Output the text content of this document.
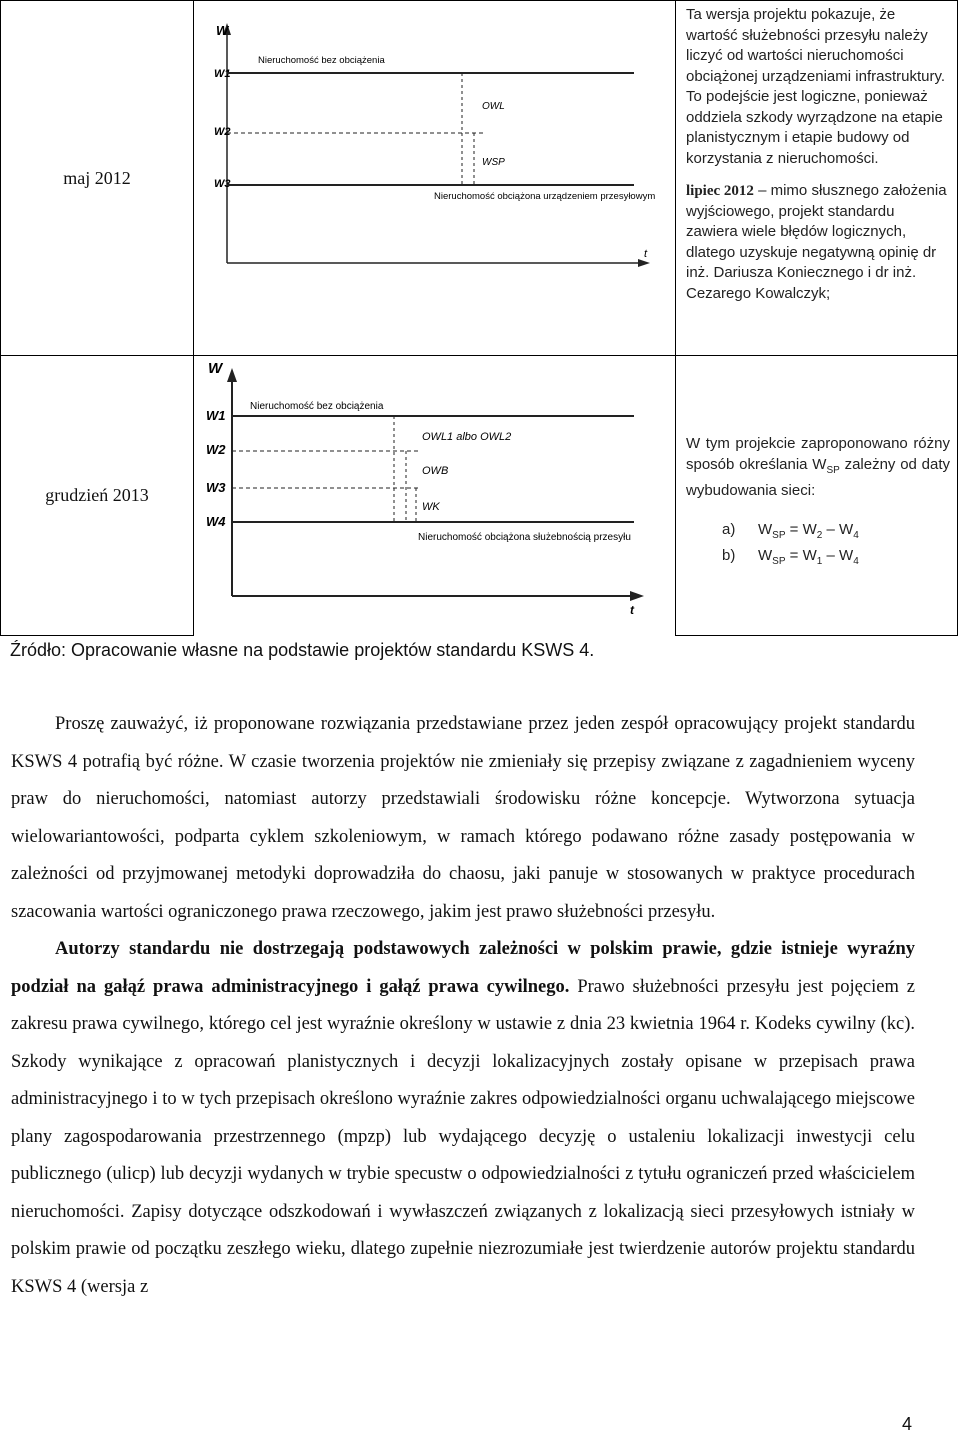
maj 2012
W
t
W1
W2
W3
Nieruchomość bez obciążenia
Nieruchomość obciążona urządzeniem przesyłowym
OWL
WSP

Ta wersja projektu pokazuje, że wartość służebności przesyłu należy liczyć od wartości nieruchomości obciążonej urządzeniami infrastruktury. To podejście jest logiczne, ponieważ oddziela szkody wyrządzone na etapie planistycznym i etapie budowy od korzystania z nieruchomości.

lipiec 2012 – mimo słusznego założenia wyjściowego, projekt standardu zawiera wiele błędów logicznych, dlatego uzyskuje negatywną opinię dr inż. Dariusza Koniecznego i dr inż. Cezarego Kowalczyk;

grudzień 2013
W
t
W1
W2
W3
W4
Nieruchomość bez obciążenia
Nieruchomość obciążona służebnością przesyłu
OWL1 albo OWL2
OWB
WK

W tym projekcie zaproponowano różny sposób określania $W_{SP}$ zależny od daty wybudowania sieci:

a) $W_{SP} = W_2 - W_4$
b) $W_{SP} = W_1 - W_4$
Źródło: Opracowanie własne na podstawie projektów standardu KSWS 4.

Proszę zauważyć, iż proponowane rozwiązania przedstawiane przez jeden zespół opracowujący projekt standardu KSWS 4 potrafią być różne. W czasie tworzenia projektów nie zmieniały się przepisy związane z zagadnieniem wyceny praw do nieruchomości, natomiast autorzy przedstawiali środowisku różne koncepcje. Wytworzona sytuacja wielowariantowości, podparta cyklem szkoleniowym, w ramach którego podawano różne zasady postępowania w zależności od przyjmowanej metodyki doprowadziła do chaosu, jaki panuje w stosowanych w praktyce procedurach szacowania wartości ograniczonego prawa rzeczowego, jakim jest prawo służebności przesyłu.

Autorzy standardu nie dostrzegają podstawowych zależności w polskim prawie, gdzie istnieje wyraźny podział na gałąź prawa administracyjnego i gałąź prawa cywilnego. Prawo służebności przesyłu jest pojęciem z zakresu prawa cywilnego, którego cel jest wyraźnie określony w ustawie z dnia 23 kwietnia 1964 r. Kodeks cywilny (kc). Szkody wynikające z opracowań planistycznych i decyzji lokalizacyjnych zostały opisane w przepisach prawa administracyjnego i to w tych przepisach określono wyraźnie zakres odpowiedzialności organu uchwalającego miejscowe plany zagospodarowania przestrzennego (mpzp) lub wydającego decyzję o ustaleniu lokalizacji inwestycji celu publicznego (ulicp) lub decyzji wydanych w trybie specustw o odpowiedzialności z tytułu ograniczeń przed właścicielem nieruchomości. Zapisy dotyczące odszkodowań i wywłaszczeń związanych z lokalizacją sieci przesyłowych istniały w polskim prawie od początku zeszłego wieku, dlatego zupełnie niezrozumiałe jest twierdzenie autorów projektu standardu KSWS 4 (wersja z

4
